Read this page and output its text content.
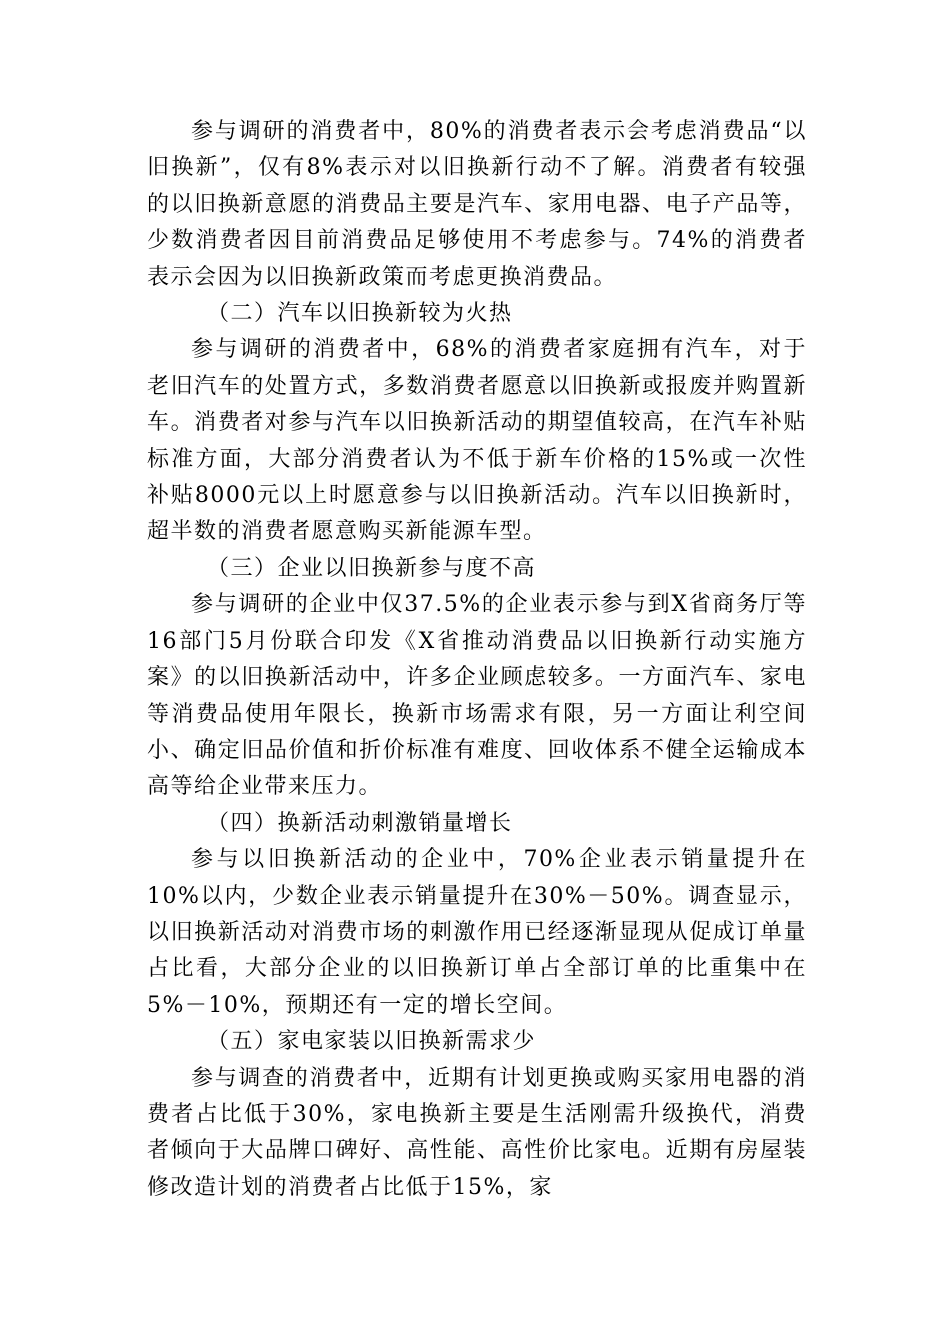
参与调研的消费者中，80%的消费者表示会考虑消费品“以旧换新”，仅有8%表示对以旧换新行动不了解。消费者有较强的以旧换新意愿的消费品主要是汽车、家用电器、电子产品等，少数消费者因目前消费品足够使用不考虑参与。74%的消费者表示会因为以旧换新政策而考虑更换消费品。

（二）汽车以旧换新较为火热

参与调研的消费者中，68%的消费者家庭拥有汽车，对于老旧汽车的处置方式，多数消费者愿意以旧换新或报废并购置新车。消费者对参与汽车以旧换新活动的期望值较高，在汽车补贴标准方面，大部分消费者认为不低于新车价格的15%或一次性补贴8000元以上时愿意参与以旧换新活动。汽车以旧换新时，超半数的消费者愿意购买新能源车型。

（三）企业以旧换新参与度不高

参与调研的企业中仅37.5%的企业表示参与到X省商务厅等16部门5月份联合印发《X省推动消费品以旧换新行动实施方案》的以旧换新活动中，许多企业顾虑较多。一方面汽车、家电等消费品使用年限长，换新市场需求有限，另一方面让利空间小、确定旧品价值和折价标准有难度、回收体系不健全运输成本高等给企业带来压力。

（四）换新活动刺激销量增长

参与以旧换新活动的企业中，70%企业表示销量提升在10%以内，少数企业表示销量提升在30%－50%。调查显示，以旧换新活动对消费市场的刺激作用已经逐渐显现从促成订单量占比看，大部分企业的以旧换新订单占全部订单的比重集中在5%－10%，预期还有一定的增长空间。

（五）家电家装以旧换新需求少

参与调查的消费者中，近期有计划更换或购买家用电器的消费者占比低于30%，家电换新主要是生活刚需升级换代，消费者倾向于大品牌口碑好、高性能、高性价比家电。近期有房屋装修改造计划的消费者占比低于15%，家
